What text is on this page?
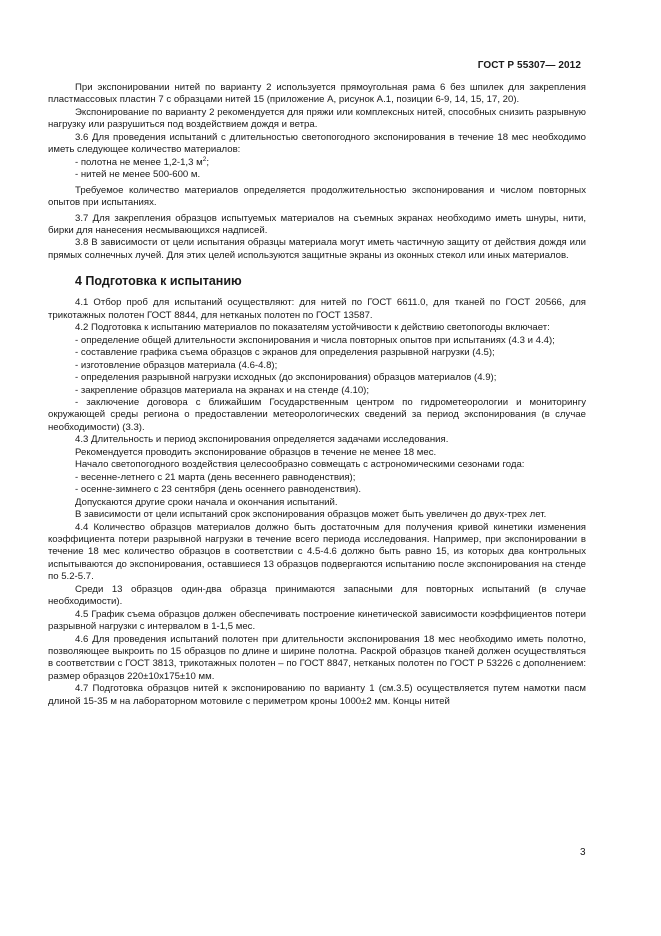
ГОСТ Р 55307— 2012

При экспонировании нитей по варианту 2 используется прямоугольная рама 6 без шпилек для закрепления пластмассовых пластин 7 с образцами нитей 15 (приложение А, рисунок А.1, позиции 6-9, 14, 15, 17, 20).

Экспонирование по варианту 2 рекомендуется для пряжи или комплексных нитей, способных снизить разрывную нагрузку или разрушиться под воздействием дождя и ветра.

3.6 Для проведения испытаний с длительностью светопогодного экспонирования в течение 18 мес необходимо иметь следующее количество материалов:

- полотна не менее 1,2-1,3 $м^2$;

- нитей не менее 500-600 м.

Требуемое количество материалов определяется продолжительностью экспонирования и числом повторных опытов при испытаниях.

3.7 Для закрепления образцов испытуемых материалов на съемных экранах необходимо иметь шнуры, нити, бирки для нанесения несмывающихся надписей.

3.8 В зависимости от цели испытания образцы материала могут иметь частичную защиту от действия дождя или прямых солнечных лучей. Для этих целей используются защитные экраны из оконных стекол или иных материалов.

4 Подготовка к испытанию

4.1 Отбор проб для испытаний осуществляют: для нитей по ГОСТ 6611.0, для тканей по ГОСТ 20566, для трикотажных полотен ГОСТ 8844, для нетканых полотен по ГОСТ 13587.

4.2 Подготовка к испытанию материалов по показателям устойчивости к действию светопогоды включает:

- определение общей длительности экспонирования и числа повторных опытов при испытаниях (4.3 и 4.4);

- составление графика съема образцов с экранов для определения разрывной нагрузки (4.5);

- изготовление образцов материала (4.6-4.8);

- определения разрывной нагрузки исходных (до экспонирования) образцов материалов (4.9);

- закрепление образцов материала на экранах и на стенде (4.10);

- заключение договора с ближайшим Государственным центром по гидрометеорологии и мониторингу окружающей среды региона о предоставлении метеорологических сведений за период экспонирования (в случае необходимости) (3.3).

4.3 Длительность и период экспонирования определяется задачами исследования.

Рекомендуется проводить экспонирование образцов в течение не менее 18 мес.

Начало светопогодного воздействия целесообразно совмещать с астрономическими сезонами года:

- весенне-летнего с 21 марта (день весеннего равноденствия);

- осенне-зимнего с 23 сентября (день осеннего равноденствия).

Допускаются другие сроки начала и окончания испытаний.

В зависимости от цели испытаний срок экспонирования образцов может быть увеличен до двух-трех лет.

4.4 Количество образцов материалов должно быть достаточным для получения кривой кинетики изменения коэффициента потери разрывной нагрузки в течение всего периода исследования. Например, при экспонировании в течение 18 мес количество образцов в соответствии с 4.5-4.6 должно быть равно 15, из которых два контрольных испытываются до экспонирования, оставшиеся 13 образцов подвергаются испытанию после экспонирования на стенде по 5.2-5.7.

Среди 13 образцов один-два образца принимаются запасными для повторных испытаний (в случае необходимости).

4.5 График съема образцов должен обеспечивать построение кинетической зависимости коэффициентов потери разрывной нагрузки с интервалом в 1-1,5 мес.

4.6 Для проведения испытаний полотен при длительности экспонирования 18 мес необходимо иметь полотно, позволяющее выкроить по 15 образцов по длине и ширине полотна. Раскрой образцов тканей должен осуществляться в соответствии с ГОСТ 3813, трикотажных полотен – по ГОСТ 8847, нетканых полотен по ГОСТ Р 53226 с дополнением: размер образцов 220±10х175±10 мм.

4.7 Подготовка образцов нитей к экспонированию по варианту 1 (см.3.5) осуществляется путем намотки пасм длиной 15-35 м на лабораторном мотовиле с периметром кроны 1000±2 мм. Концы нитей

3
